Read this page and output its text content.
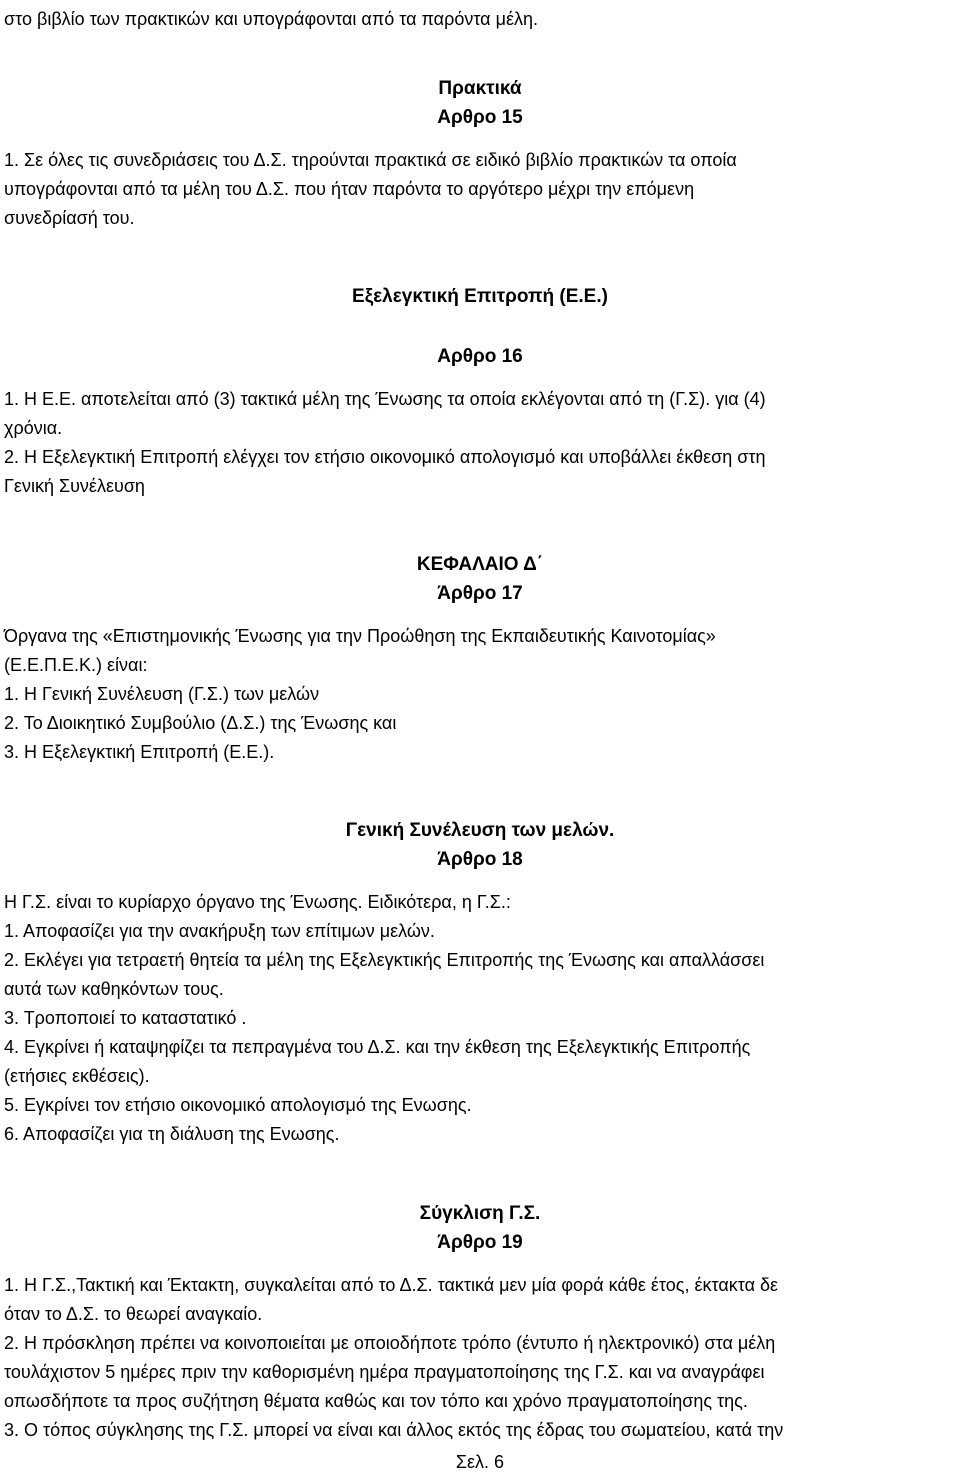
στο βιβλίο των πρακτικών και υπογράφονται από τα παρόντα μέλη.

Πρακτικά

Αρθρο 15

1. Σε όλες τις συνεδριάσεις του Δ.Σ. τηρούνται πρακτικά σε ειδικό βιβλίο πρακτικών τα οποία

υπογράφονται από τα μέλη του Δ.Σ. που ήταν παρόντα το αργότερο μέχρι την επόμενη

συνεδρίασή του.

Εξελεγκτική Επιτροπή (Ε.Ε.)

Αρθρο 16

1. Η Ε.Ε. αποτελείται από (3) τακτικά μέλη της Ένωσης τα οποία εκλέγονται από τη (Γ.Σ). για (4)

χρόνια.

2. Η Εξελεγκτική Επιτροπή ελέγχει τον ετήσιο οικονομικό απολογισμό και υποβάλλει έκθεση στη

Γενική Συνέλευση

ΚΕΦΑΛΑΙΟ Δ΄

Άρθρο 17

Όργανα της «Επιστημονικής Ένωσης για την Προώθηση της Εκπαιδευτικής Καινοτομίας»

(Ε.Ε.Π.Ε.Κ.) είναι:

1. Η Γενική Συνέλευση (Γ.Σ.) των μελών

2. Το Διοικητικό Συμβούλιο (Δ.Σ.) της Ένωσης και

3. Η Εξελεγκτική Επιτροπή (Ε.Ε.).

Γενική Συνέλευση των μελών.

Άρθρο 18

Η Γ.Σ. είναι το κυρίαρχο όργανο της Ένωσης. Ειδικότερα, η Γ.Σ.:

1. Αποφασίζει για την ανακήρυξη των επίτιμων μελών.

2. Εκλέγει για τετραετή θητεία τα μέλη της Εξελεγκτικής Επιτροπής της Ένωσης και απαλλάσσει

αυτά των καθηκόντων τους.

3. Τροποποιεί το καταστατικό .

4. Εγκρίνει ή καταψηφίζει τα πεπραγμένα του Δ.Σ. και την έκθεση της Εξελεγκτικής Επιτροπής

(ετήσιες εκθέσεις).

5. Εγκρίνει τον ετήσιο οικονομικό απολογισμό της Ενωσης.

6. Αποφασίζει για τη διάλυση της Ενωσης.

Σύγκλιση Γ.Σ.

Άρθρο 19

1. Η Γ.Σ.,Τακτική και Έκτακτη, συγκαλείται από το Δ.Σ. τακτικά μεν μία φορά κάθε έτος, έκτακτα δε

όταν το Δ.Σ. το θεωρεί αναγκαίο.

2. Η πρόσκληση πρέπει να κοινοποιείται με οποιοδήποτε τρόπο (έντυπο ή ηλεκτρονικό) στα μέλη

τουλάχιστον 5 ημέρες πριν την καθορισμένη ημέρα πραγματοποίησης της Γ.Σ. και να αναγράφει

οπωσδήποτε τα προς συζήτηση θέματα καθώς και τον τόπο και χρόνο πραγματοποίησης της.

3. Ο τόπος σύγκλησης της Γ.Σ. μπορεί να είναι και άλλος εκτός της έδρας του σωματείου, κατά την

Σελ. 6
